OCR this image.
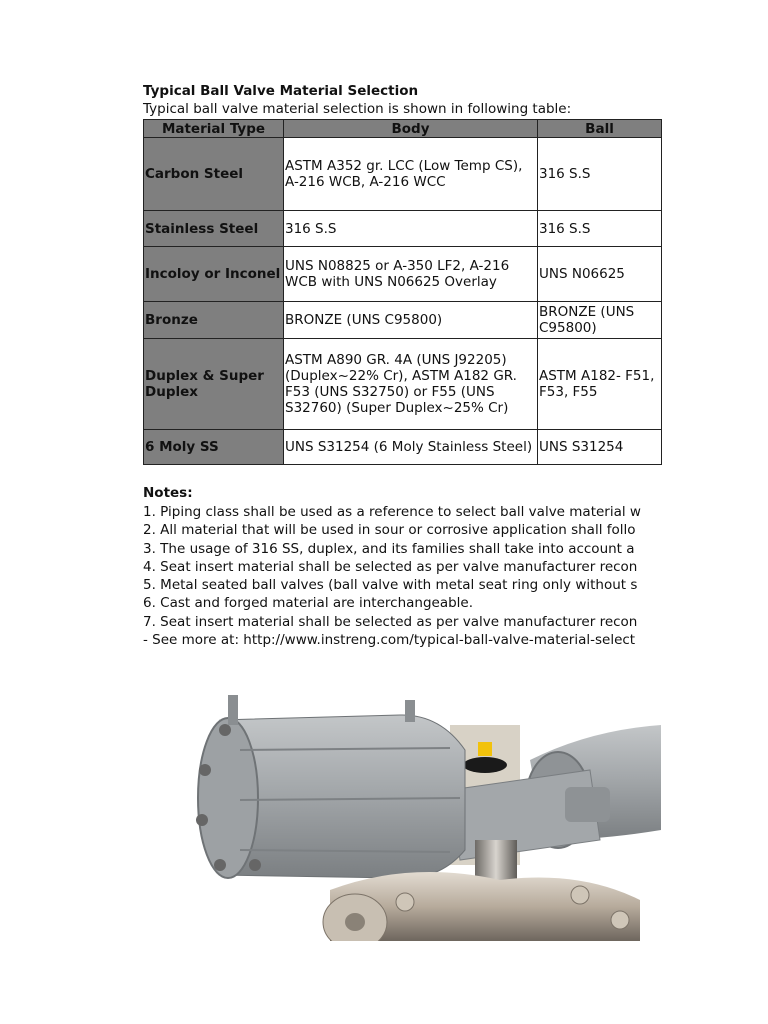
Typical Ball Valve Material Selection
Typical ball valve material selection is shown in following table:
Material Type	Body	Ball
Carbon Steel	ASTM A352 gr. LCC (Low Temp CS), A-216 WCB, A-216 WCC	316 S.S
Stainless Steel	316 S.S	316 S.S
Incoloy or Inconel	UNS N08825 or A-350 LF2, A-216 WCB with UNS N06625 Overlay	UNS N06625
Bronze	BRONZE (UNS C95800)	BRONZE (UNS C95800)
Duplex & Super Duplex	ASTM A890 GR. 4A (UNS J92205) (Duplex~22% Cr), ASTM A182 GR. F53 (UNS S32750) or F55 (UNS S32760) (Super Duplex~25% Cr)	ASTM A182- F51, F53, F55
6 Moly SS	UNS S31254 (6 Moly Stainless Steel)	UNS S31254
Notes:
1. Piping class shall be used as a reference to select ball valve material w
2. All material that will be used in sour or corrosive application shall follo
3. The usage of 316 SS, duplex, and its families shall take into account a
4. Seat insert material shall be selected as per valve manufacturer recon
5. Metal seated ball valves (ball valve with metal seat ring only without s
6. Cast and forged material are interchangeable.
7. Seat insert material shall be selected as per valve manufacturer recon
- See more at: http://www.instreng.com/typical-ball-valve-material-select
